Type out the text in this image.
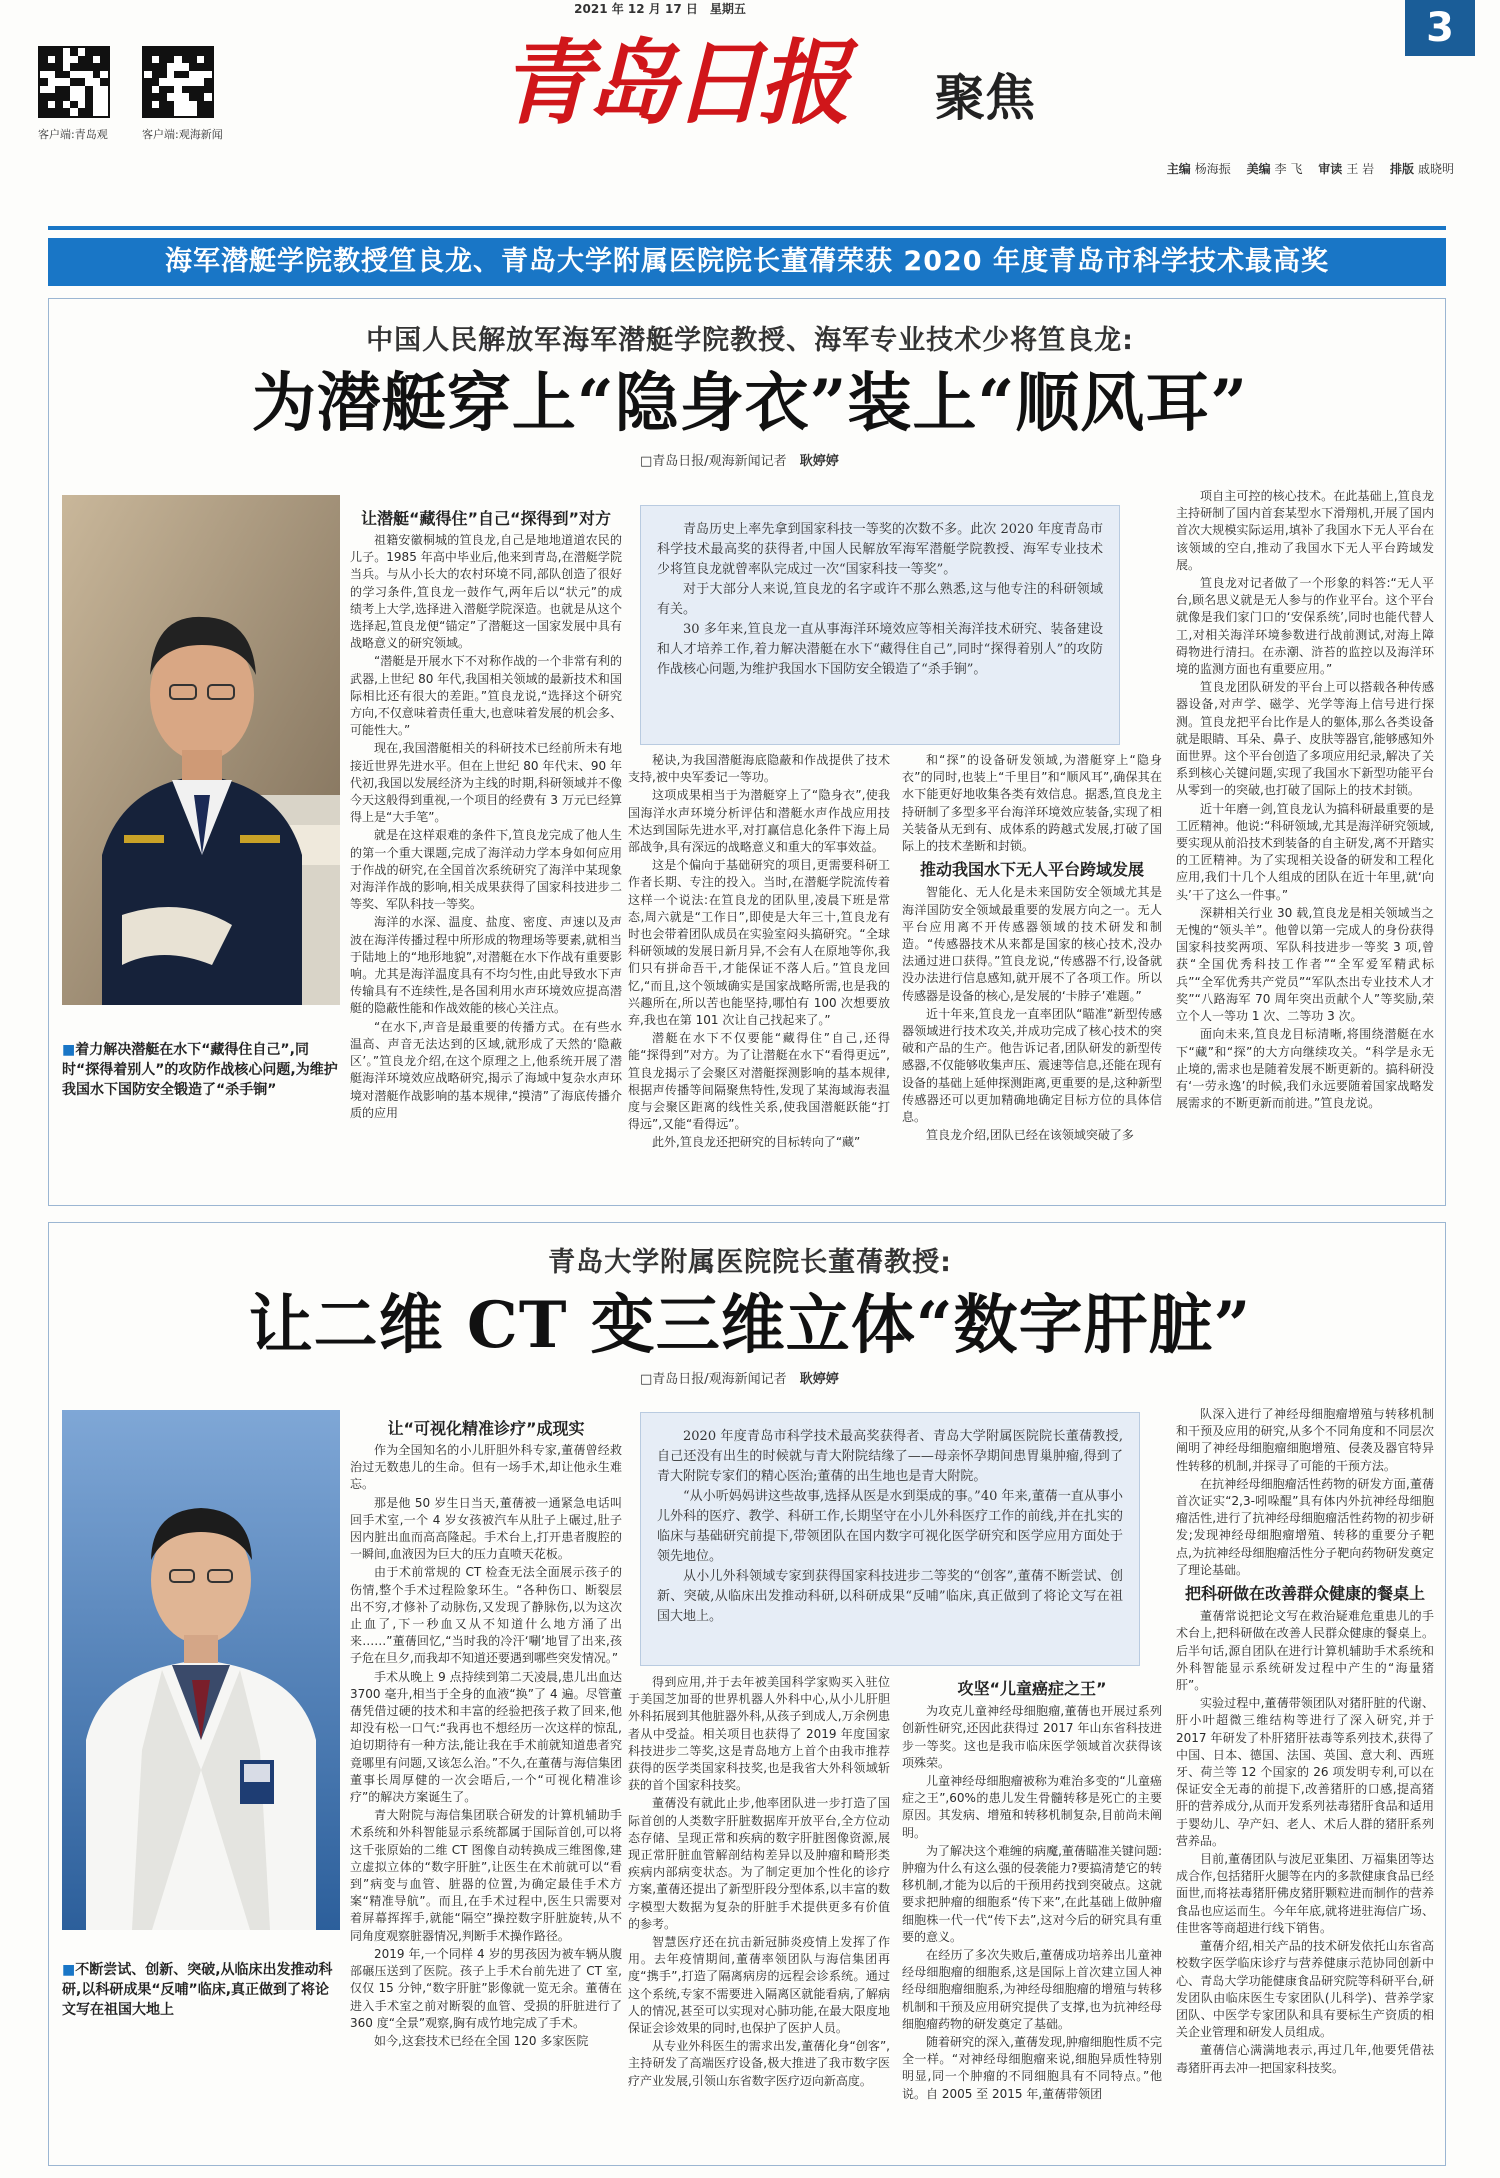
2021 年 12 月 17 日　星期五	3
客户端:青岛观	客户端:观海新闻	青岛日报	聚焦
主编 杨海振 美编 李 飞 审读 王 岩 排版 戚晓明
海军潜艇学院教授笪良龙、青岛大学附属医院院长董蒨荣获 2020 年度青岛市科学技术最高奖
中国人民解放军海军潜艇学院教授、海军专业技术少将笪良龙:
为潜艇穿上“隐身衣”装上“顺风耳”
□青岛日报/观海新闻记者　 耿婷婷
■ 着力解决潜艇在水下“藏得住自己”,同时“探得着别人”的攻防作战核心问题,为维护我国水下国防安全锻造了“杀手锏”
让潜艇“藏得住”自己“探得到”对方

祖籍安徽桐城的笪良龙,自己是地地道道农民的儿子。1985 年高中毕业后,他来到青岛,在潜艇学院当兵。与从小长大的农村环境不同,部队创造了很好的学习条件,笪良龙一鼓作气,两年后以“状元”的成绩考上大学,选择进入潜艇学院深造。也就是从这个选择起,笪良龙便“锚定”了潜艇这一国家发展中具有战略意义的研究领域。

“潜艇是开展水下不对称作战的一个非常有利的武器,上世纪 80 年代,我国相关领域的最新技术和国际相比还有很大的差距。”笪良龙说,“选择这个研究方向,不仅意味着责任重大,也意味着发展的机会多、可能性大。”

现在,我国潜艇相关的科研技术已经前所未有地接近世界先进水平。但在上世纪 80 年代末、90 年代初,我国以发展经济为主线的时期,科研领域并不像今天这般得到重视,一个项目的经费有 3 万元已经算得上是“大手笔”。

就是在这样艰难的条件下,笪良龙完成了他人生的第一个重大课题,完成了海洋动力学本身如何应用于作战的研究,在全国首次系统研究了海洋中某现象对海洋作战的影响,相关成果获得了国家科技进步二等奖、军队科技一等奖。

海洋的水深、温度、盐度、密度、声速以及声波在海洋传播过程中所形成的物理场等要素,就相当于陆地上的“地形地貌”,对潜艇在水下作战有重要影响。尤其是海洋温度具有不均匀性,由此导致水下声传输具有不连续性,是各国利用水声环境效应提高潜艇的隐蔽性能和作战效能的核心关注点。

“在水下,声音是最重要的传播方式。在有些水温高、声音无法达到的区域,就形成了天然的‘隐蔽区’。”笪良龙介绍,在这个原理之上,他系统开展了潜艇海洋环境效应战略研究,揭示了海域中复杂水声环境对潜艇作战影响的基本规律,“摸清”了海底传播介质的应用

青岛历史上率先拿到国家科技一等奖的次数不多。此次 2020 年度青岛市科学技术最高奖的获得者,中国人民解放军海军潜艇学院教授、海军专业技术少将笪良龙就曾率队完成过一次“国家科技一等奖”。

对于大部分人来说,笪良龙的名字或许不那么熟悉,这与他专注的科研领域有关。

30 多年来,笪良龙一直从事海洋环境效应等相关海洋技术研究、装备建设和人才培养工作,着力解决潜艇在水下“藏得住自己”,同时“探得着别人”的攻防作战核心问题,为维护我国水下国防安全锻造了“杀手锏”。

秘诀,为我国潜艇海底隐蔽和作战提供了技术支持,被中央军委记一等功。

这项成果相当于为潜艇穿上了“隐身衣”,使我国海洋水声环境分析评估和潜艇水声作战应用技术达到国际先进水平,对打赢信息化条件下海上局部战争,具有深远的战略意义和重大的军事效益。

这是个偏向于基础研究的项目,更需要科研工作者长期、专注的投入。当时,在潜艇学院流传着这样一个说法:在笪良龙的团队里,凌晨下班是常态,周六就是“工作日”,即使是大年三十,笪良龙有时也会带着团队成员在实验室闷头搞研究。“全球科研领域的发展日新月异,不会有人在原地等你,我们只有拼命吾干,才能保证不落人后。”笪良龙回忆,“而且,这个领域确实是国家战略所需,也是我的兴趣所在,所以苦也能坚持,哪怕有 100 次想要放弃,我也在第 101 次让自己找起来了。”

潜艇在水下不仅要能“藏得住”自己,还得能“探得到”对方。为了让潜艇在水下“看得更远”,笪良龙揭示了会聚区对潜艇探测影响的基本规律,根据声传播等间隔聚焦特性,发现了某海域海表温度与会聚区距离的线性关系,使我国潜艇跃能“打得远”,又能“看得远”。

此外,笪良龙还把研究的目标转向了“藏”

和“探”的设备研发领域,为潜艇穿上“隐身衣”的同时,也装上“千里目”和“顺风耳”,确保其在水下能更好地收集各类有效信息。据悉,笪良龙主持研制了多型多平台海洋环境效应装备,实现了相关装备从无到有、成体系的跨越式发展,打破了国际上的技术垄断和封锁。

推动我国水下无人平台跨域发展

智能化、无人化是未来国防安全领域尤其是海洋国防安全领域最重要的发展方向之一。无人平台应用离不开传感器领域的技术研发和制造。“传感器技术从来都是国家的核心技术,没办法通过进口获得。”笪良龙说,“传感器不行,设备就没办法进行信息感知,就开展不了各项工作。所以传感器是设备的核心,是发展的‘卡脖子’难题。”

近十年来,笪良龙一直率团队“瞄准”新型传感器领域进行技术攻关,并成功完成了核心技术的突破和产品的生产。他告诉记者,团队研发的新型传感器,不仅能够收集声压、震速等信息,还能在现有设备的基础上延伸探测距离,更重要的是,这种新型传感器还可以更加精确地确定目标方位的具体信息。

笪良龙介绍,团队已经在该领域突破了多

项自主可控的核心技术。在此基础上,笪良龙主持研制了国内首套某型水下滑翔机,开展了国内首次大规模实际运用,填补了我国水下无人平台在该领域的空白,推动了我国水下无人平台跨域发展。

笪良龙对记者做了一个形象的料答:“无人平台,顾名思义就是无人参与的作业平台。这个平台就像是我们家门口的‘安保系统’,同时也能代替人工,对相关海洋环境参数进行战前测试,对海上障碍物进行清扫。在赤潮、浒苔的监控以及海洋环境的监测方面也有重要应用。”

笪良龙团队研发的平台上可以搭载各种传感器设备,对声学、磁学、光学等海上信号进行探测。笪良龙把平台比作是人的躯体,那么各类设备就是眼睛、耳朵、鼻子、皮肤等器官,能够感知外面世界。这个平台创造了多项应用纪录,解决了关系到核心关键问题,实现了我国水下新型功能平台从零到一的突破,也打破了国际上的技术封锁。

近十年磨一剑,笪良龙认为搞科研最重要的是工匠精神。他说:“科研领域,尤其是海洋研究领域,要实现从前沿技术到装备的自主研发,离不开踏实的工匠精神。为了实现相关设备的研发和工程化应用,我们十几个人组成的团队在近十年里,就‘向头’干了这么一件事。”

深耕相关行业 30 载,笪良龙是相关领域当之无愧的“领头羊”。他曾以第一完成人的身份获得国家科技奖两项、军队科技进步一等奖 3 项,曾获“全国优秀科技工作者”“全军爱军精武标兵”“全军优秀共产党员”“军队杰出专业技术人才奖”“八路海军 70 周年突出贡献个人”等奖励,荣立个人一等功 1 次、二等功 3 次。

面向未来,笪良龙目标清晰,将围绕潜艇在水下“藏”和“探”的大方向继续攻关。“科学是永无止境的,需求也是随着发展不断更新的。搞科研没有‘一劳永逸’的时候,我们永远要随着国家战略发展需求的不断更新而前进。”笪良龙说。

青岛大学附属医院院长董蒨教授:
让二维 CT 变三维立体“数字肝脏”
□青岛日报/观海新闻记者　 耿婷婷
■ 不断尝试、创新、突破,从临床出发推动科研,以科研成果“反哺”临床,真正做到了将论文写在祖国大地上
让“可视化精准诊疗”成现实

作为全国知名的小儿肝胆外科专家,董蒨曾经救治过无数患儿的生命。但有一场手术,却让他永生难忘。

那是他 50 岁生日当天,董蒨被一通紧急电话叫回手术室,一个 4 岁女孩被汽车从肚子上碾过,肚子因内脏出血而高高隆起。手术台上,打开患者腹腔的一瞬间,血液因为巨大的压力直喷天花板。

由于术前常规的 CT 检查无法全面展示孩子的伤情,整个手术过程险象环生。“各种伤口、断裂层出不穷,才修补了动脉伤,又发现了静脉伤,以为这次止血了,下一秒血又从不知道什么地方涌了出来……”董蒨回忆,“当时我的冷汗‘唰’地冒了出来,孩子危在旦夕,而我却不知道还要遇到哪些突发情况。”

手术从晚上 9 点持续到第二天凌晨,患儿出血达 3700 毫升,相当于全身的血液“换”了 4 遍。尽管董蒨凭借过硬的技术和丰富的经验把孩子救了回来,他却没有松一口气:“我再也不想经历一次这样的惊乱,迫切期待有一种方法,能让我在手术前就知道患者究竟哪里有问题,又该怎么治。”不久,在董蒨与海信集团董事长周厚健的一次会晤后,一个“可视化精准诊疗”的解决方案诞生了。

青大附院与海信集团联合研发的计算机辅助手术系统和外科智能显示系统都属于国际首创,可以将这千张原始的二维 CT 图像自动转换成三维图像,建立虚拟立体的“数字肝脏”,让医生在术前就可以“看到”病变与血管、脏器的位置,为确定最佳手术方案“精准导航”。而且,在手术过程中,医生只需要对着屏幕挥挥手,就能“隔空”操控数字肝脏旋转,从不同角度观察脏器情况,判断手术操作路径。

2019 年,一个同样 4 岁的男孩因为被车辆从腹部碾压送到了医院。孩子上手术台前先进了 CT 室,仅仅 15 分钟,“数字肝脏”影像就一览无余。董蒨在进入手术室之前对断裂的血管、受损的肝脏进行了 360 度“全景”观察,胸有成竹地完成了手术。

如今,这套技术已经在全国 120 多家医院

2020 年度青岛市科学技术最高奖获得者、青岛大学附属医院院长董蒨教授,自己还没有出生的时候就与青大附院结缘了——母亲怀孕期间患胃巢肿瘤,得到了青大附院专家们的精心医治;董蒨的出生地也是青大附院。

“从小听妈妈讲这些故事,选择从医是水到渠成的事。”40 年来,董蒨一直从事小儿外科的医疗、教学、科研工作,长期坚守在小儿外科医疗工作的前线,并在扎实的临床与基础研究前提下,带领团队在国内数字可视化医学研究和医学应用方面处于领先地位。

从小儿外科领域专家到获得国家科技进步二等奖的“创客”,董蒨不断尝试、创新、突破,从临床出发推动科研,以科研成果“反哺”临床,真正做到了将论文写在祖国大地上。

得到应用,并于去年被美国科学家购买入驻位于美国芝加哥的世界机器人外科中心,从小儿肝胆外科拓展到其他脏器外科,从孩子到成人,万余例患者从中受益。相关项目也获得了 2019 年度国家科技进步二等奖,这是青岛地方上首个由我市推荐获得的医学类国家科技奖,也是我省大外科领域斩获的首个国家科技奖。

董蒨没有就此止步,他率团队进一步打造了国际首创的人类数字肝脏数据库开放平台,全方位动态存储、呈现正常和疾病的数字肝脏图像资源,展现正常肝脏血管解剖结构差异以及肿瘤和畸形类疾病内部病变状态。为了制定更加个性化的诊疗方案,董蒨还提出了新型肝段分型体系,以丰富的数字模型大数据为复杂的肝脏手术提供更多有价值的参考。

智慧医疗还在抗击新冠肺炎疫情上发挥了作用。去年疫情期间,董蒨率领团队与海信集团再度“携手”,打造了隔离病房的远程会诊系统。通过这个系统,专家不需要进入隔离区就能看病,了解病人的情况,甚至可以实现对心肺功能,在最大限度地保证会诊效果的同时,也保护了医护人员。

从专业外科医生的需求出发,董蒨化身“创客”,主持研发了高端医疗设备,极大推进了我市数字医疗产业发展,引领山东省数字医疗迈向新高度。

攻坚“儿童癌症之王”

为攻克儿童神经母细胞瘤,董蒨也开展过系列创新性研究,还因此获得过 2017 年山东省科技进步一等奖。这也是我市临床医学领域首次获得该项殊荣。

儿童神经母细胞瘤被称为难治多变的“儿童癌症之王”,60%的患儿发生骨髓转移是死亡的主要原因。其发病、增殖和转移机制复杂,目前尚未阐明。

为了解决这个难缠的病魔,董蒨瞄准关键问题:肿瘤为什么有这么强的侵袭能力?要搞清楚它的转移机制,才能为以后的干预用药找到突破点。这就要求把肿瘤的细胞系“传下来”,在此基础上做肿瘤细胞株一代一代“传下去”,这对今后的研究具有重要的意义。

在经历了多次失败后,董蒨成功培养出儿童神经母细胞瘤的细胞系,这是国际上首次建立国人神经母细胞瘤细胞系,为神经母细胞瘤的增殖与转移机制和干预及应用研究提供了支撑,也为抗神经母细胞瘤药物的研发奠定了基础。

随着研究的深入,董蒨发现,肿瘤细胞性质不完全一样。“对神经母细胞瘤来说,细胞异质性特别明显,同一个肿瘤的不同细胞具有不同特点。”他说。自 2005 至 2015 年,董蒨带领团

队深入进行了神经母细胞瘤增殖与转移机制和干预及应用的研究,从多个不同角度和不同层次阐明了神经母细胞瘤细胞增殖、侵袭及器官特异性转移的机制,并探寻了可能的干预方法。

在抗神经母细胞瘤活性药物的研发方面,董蒨首次证实“2,3-吲哚醌”具有体内外抗神经母细胞瘤活性,进行了抗神经母细胞瘤活性药物的初步研发;发现神经母细胞瘤增殖、转移的重要分子靶点,为抗神经母细胞瘤活性分子靶向药物研发奠定了理论基础。

把科研做在改善群众健康的餐桌上

董蒨常说把论文写在救治疑难危重患儿的手术台上,把科研做在改善人民群众健康的餐桌上。后半句话,源自团队在进行计算机辅助手术系统和外科智能显示系统研发过程中产生的“海量猪肝”。

实验过程中,董蒨带领团队对猪肝脏的代谢、肝小叶超微三维结构等进行了深入研究,并于 2017 年研发了朴肝猪肝祛毒等系列技术,获得了中国、日本、德国、法国、英国、意大利、西班牙、荷兰等 12 个国家的 26 项发明专利,可以在保证安全无毒的前提下,改善猪肝的口感,提高猪肝的营养成分,从而开发系列祛毒猪肝食品和适用于婴幼儿、孕产妇、老人、术后人群的猪肝系列营养品。

目前,董蒨团队与波尼亚集团、万福集团等达成合作,包括猪肝火腿等在内的多款健康食品已经面世,而将祛毒猪肝佛皮猪肝颗粒进而制作的营养食品也应运而生。今年年底,就将进驻海信广场、佳世客等商超进行线下销售。

董蒨介绍,相关产品的技术研发依托山东省高校数字医学临床诊疗与营养健康示范协同创新中心、青岛大学功能健康食品研究院等科研平台,研发团队由临床医生专家团队(儿科学)、营养学家团队、中医学专家团队和具有要标生产资质的相关企业管理和研发人员组成。

董蒨信心满满地表示,再过几年,他要凭借祛毒猪肝再去冲一把国家科技奖。
